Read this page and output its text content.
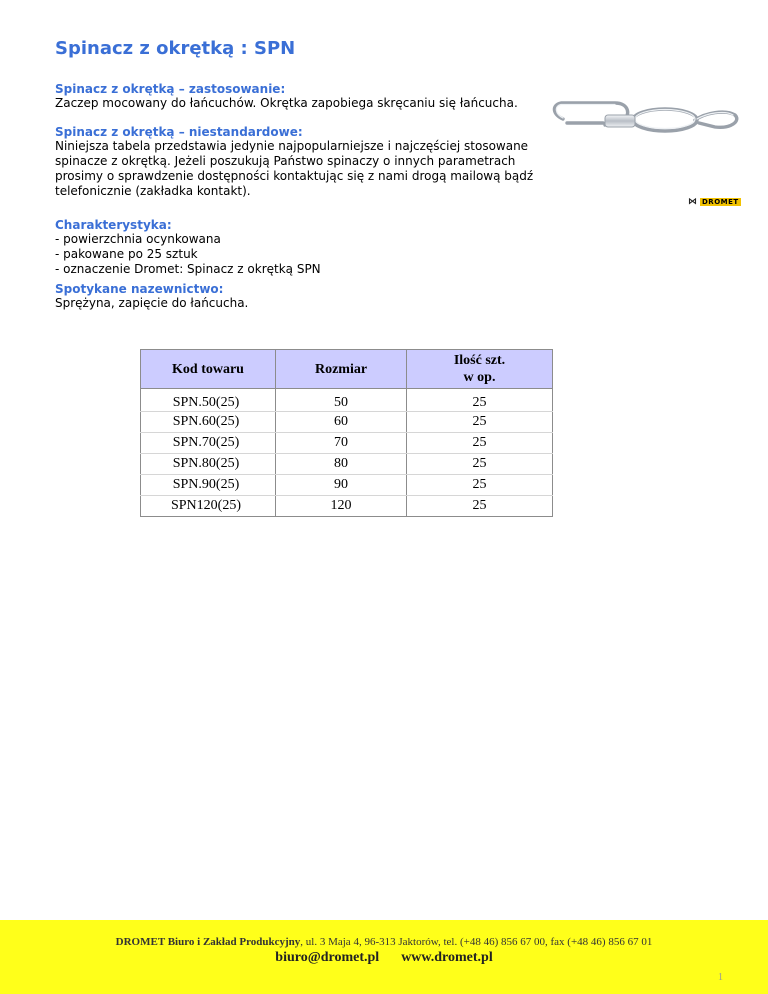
Spinacz z okrętką : SPN
Spinacz z okrętką – zastosowanie:
Zaczep mocowany do łańcuchów. Okrętka zapobiega skręcaniu się łańcucha.
Spinacz z okrętką – niestandardowe:
Niniejsza tabela przedstawia jedynie najpopularniejsze i najczęściej stosowane
spinacze z okrętką. Jeżeli poszukują Państwo spinaczy o innych parametrach
prosimy o sprawdzenie dostępności kontaktując się z nami drogą mailową bądź
telefonicznie (zakładka kontakt).
Charakterystyka:
- powierzchnia ocynkowana
- pakowane po 25 sztuk
- oznaczenie Dromet: Spinacz z okrętką SPN
Spotykane nazewnictwo:
Sprężyna, zapięcie do łańcucha.
⋈ DROMET
Kod towaru	Rozmiar	Ilość szt.
w op.
SPN.50(25)	50	25
SPN.60(25)	60	25
SPN.70(25)	70	25
SPN.80(25)	80	25
SPN.90(25)	90	25
SPN120(25)	120	25
DROMET Biuro i Zakład Produkcyjny, ul. 3 Maja 4, 96-313 Jaktorów, tel. (+48 46) 856 67 00, fax (+48 46) 856 67 01
biuro@dromet.pl www.dromet.pl
1
